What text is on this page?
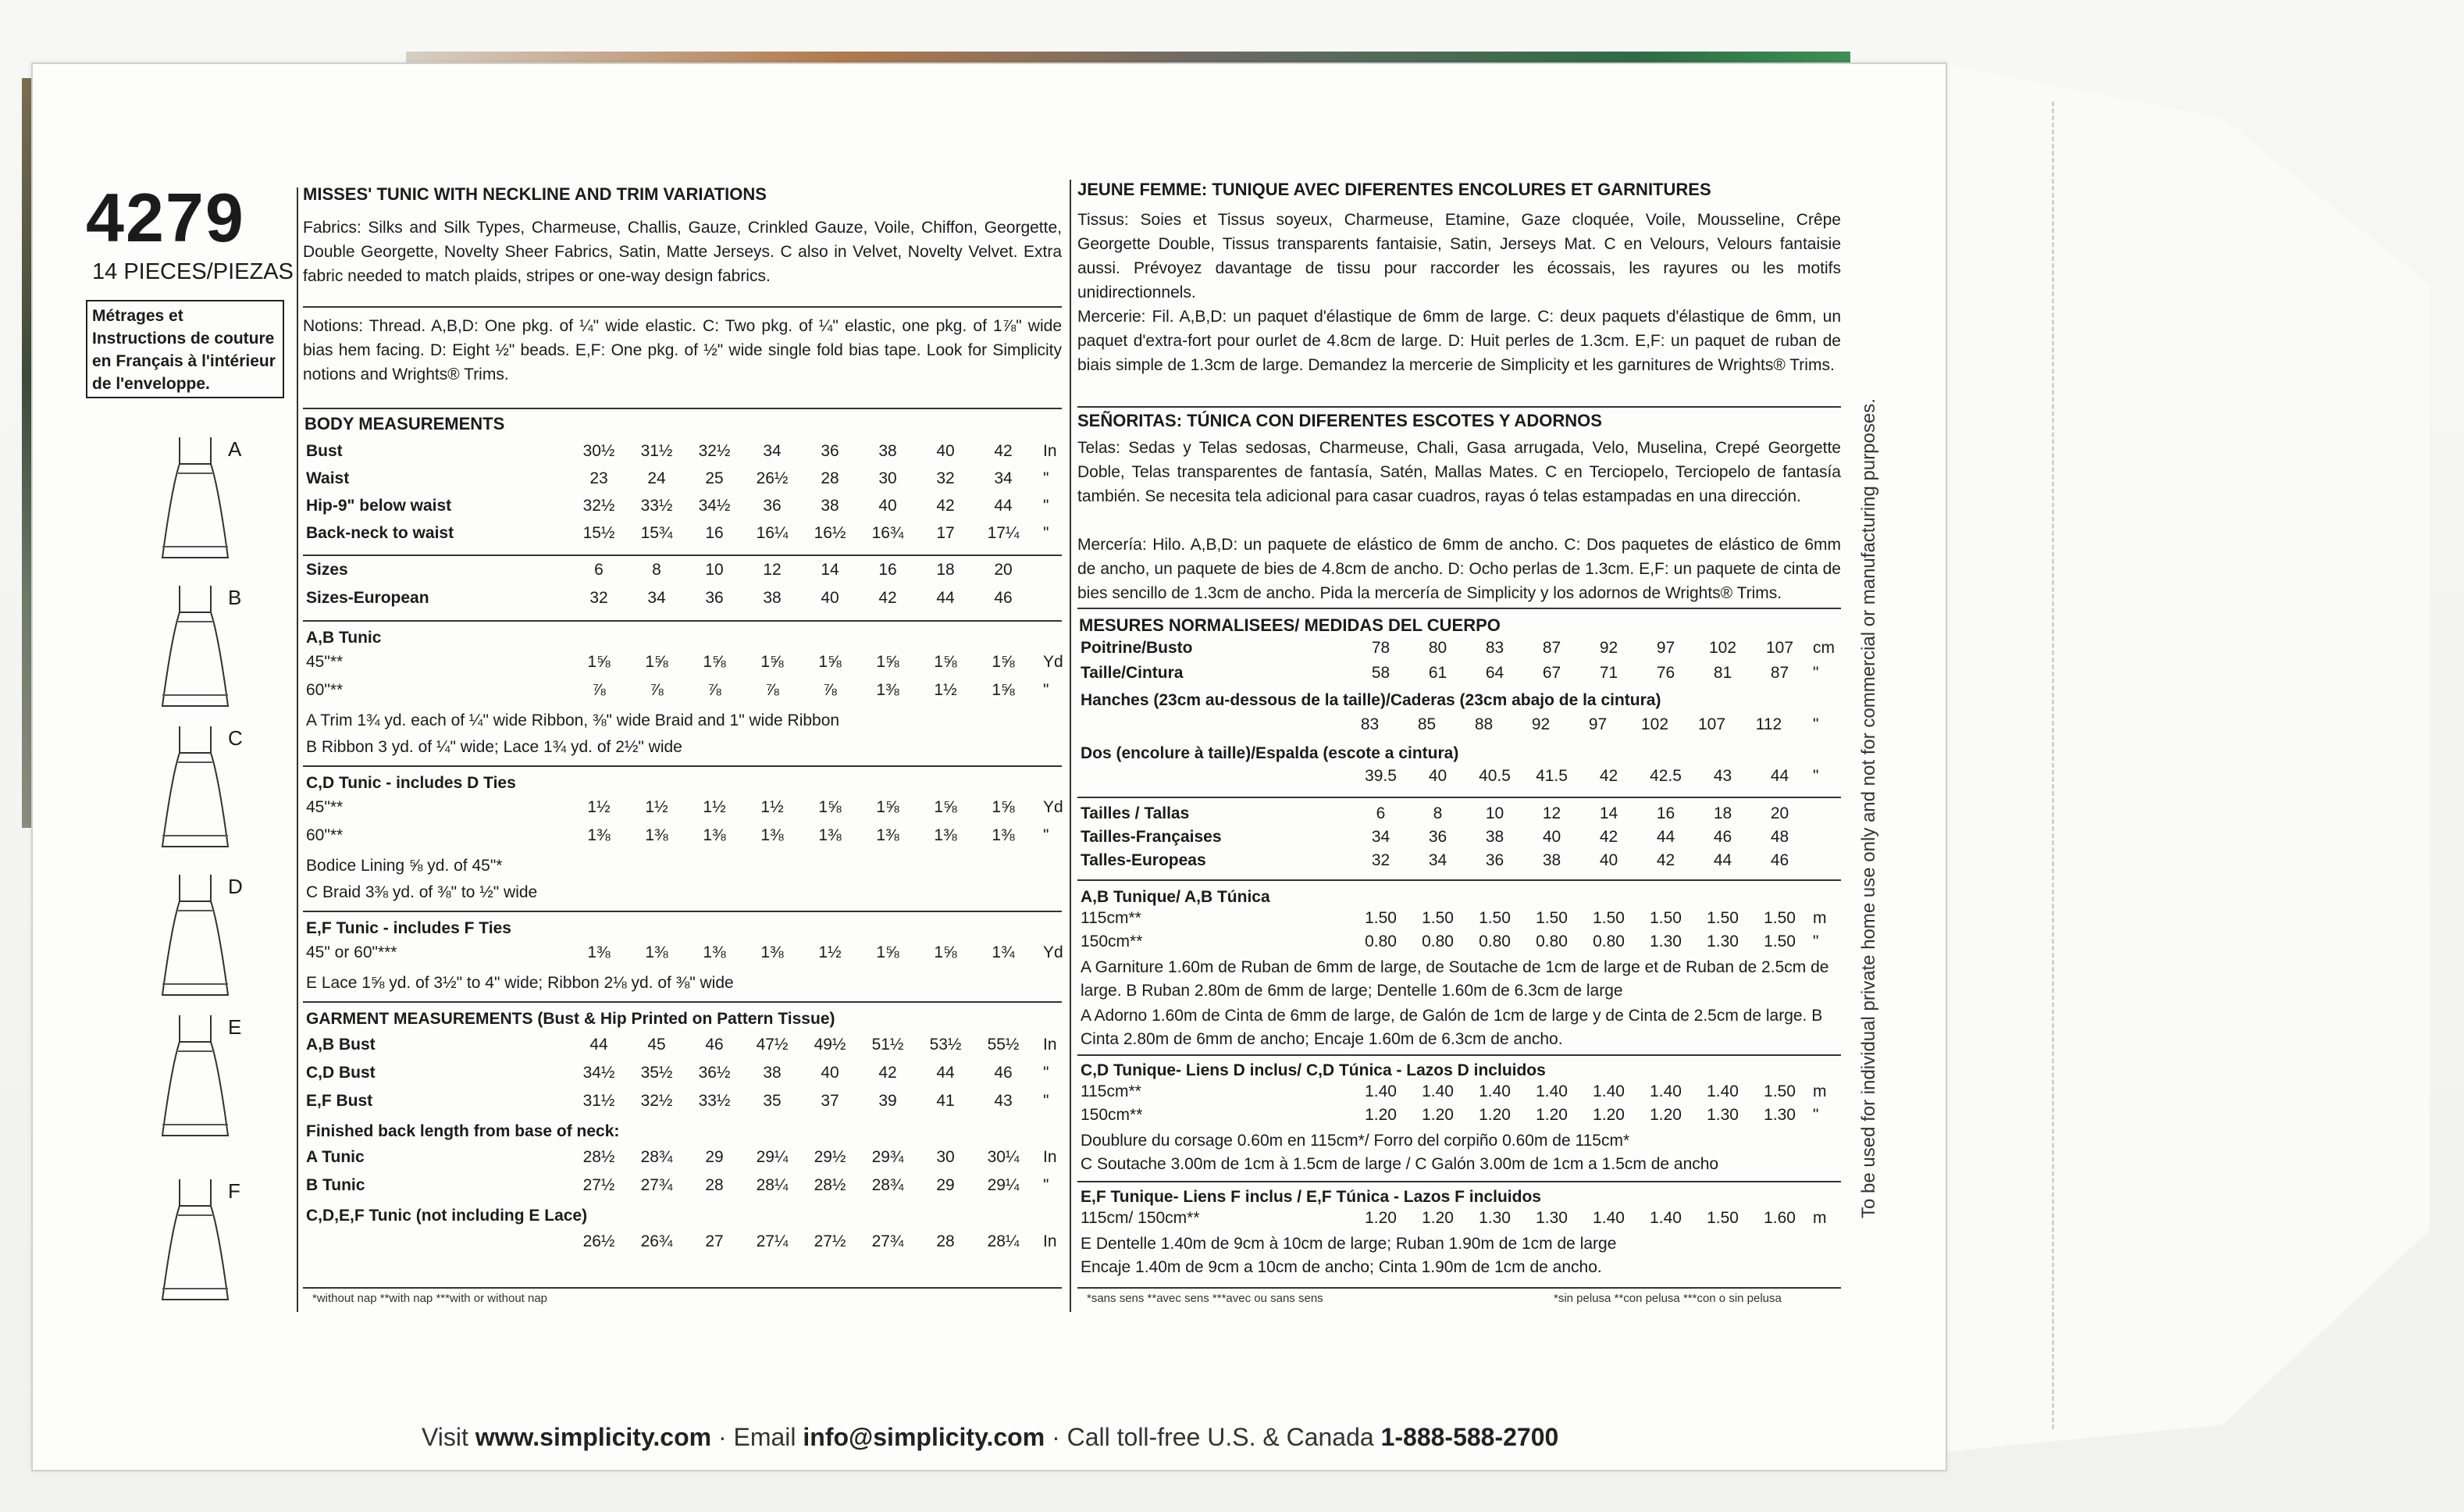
4279
14 PIECES/PIEZAS
Métrages et Instructions de couture en Français à l'intérieur de l'enveloppe.
A
B
C
D
E
F
MISSES' TUNIC WITH NECKLINE AND TRIM VARIATIONS
Fabrics: Silks and Silk Types, Charmeuse, Challis, Gauze, Crinkled Gauze, Voile, Chiffon, Georgette, Double Georgette, Novelty Sheer Fabrics, Satin, Matte Jerseys. C also in Velvet, Novelty Velvet. Extra fabric needed to match plaids, stripes or one-way design fabrics.
Notions: Thread. A,B,D: One pkg. of ¼" wide elastic. C: Two pkg. of ¼" elastic, one pkg. of 1⅞" wide bias hem facing. D: Eight ½" beads. E,F: One pkg. of ½" wide single fold bias tape. Look for Simplicity notions and Wrights® Trims.
BODY MEASUREMENTS
Bust	30½	31½	32½	34	36	38	40	42	In
Waist	23	24	25	26½	28	30	32	34	"
Hip-9" below waist	32½	33½	34½	36	38	40	42	44	"
Back-neck to waist	15½	15¾	16	16¼	16½	16¾	17	17¼	"
Sizes	6	8	10	12	14	16	18	20
Sizes-European	32	34	36	38	40	42	44	46
A,B Tunic
45"**	1⅝	1⅝	1⅝	1⅝	1⅝	1⅝	1⅝	1⅝	Yd
60"**	⅞	⅞	⅞	⅞	⅞	1⅜	1½	1⅝	"
A Trim 1¾ yd. each of ¼" wide Ribbon, ⅜" wide Braid and 1" wide Ribbon
B Ribbon 3 yd. of ¼" wide; Lace 1¾ yd. of 2½" wide
C,D Tunic - includes D Ties
45"**	1½	1½	1½	1½	1⅝	1⅝	1⅝	1⅝	Yd
60"**	1⅜	1⅜	1⅜	1⅜	1⅜	1⅜	1⅜	1⅜	"
Bodice Lining ⅝ yd. of 45"*
C Braid 3⅜ yd. of ⅜" to ½" wide
E,F Tunic - includes F Ties
45" or 60"***	1⅜	1⅜	1⅜	1⅜	1½	1⅝	1⅝	1¾	Yd
E Lace 1⅝ yd. of 3½" to 4" wide; Ribbon 2⅛ yd. of ⅜" wide
GARMENT MEASUREMENTS (Bust & Hip Printed on Pattern Tissue)
A,B Bust	44	45	46	47½	49½	51½	53½	55½	In
C,D Bust	34½	35½	36½	38	40	42	44	46	"
E,F Bust	31½	32½	33½	35	37	39	41	43	"
Finished back length from base of neck:
A Tunic	28½	28¾	29	29¼	29½	29¾	30	30¼	In
B Tunic	27½	27¾	28	28¼	28½	28¾	29	29¼	"
C,D,E,F Tunic (not including E Lace)
26½	26¾	27	27¼	27½	27¾	28	28¼	In
*without nap **with nap ***with or without nap
JEUNE FEMME: TUNIQUE AVEC DIFERENTES ENCOLURES ET GARNITURES
Tissus: Soies et Tissus soyeux, Charmeuse, Etamine, Gaze cloquée, Voile, Mousseline, Crêpe Georgette Double, Tissus transparents fantaisie, Satin, Jerseys Mat. C en Velours, Velours fantaisie aussi. Prévoyez davantage de tissu pour raccorder les écossais, les rayures ou les motifs unidirectionnels.
Mercerie: Fil. A,B,D: un paquet d'élastique de 6mm de large. C: deux paquets d'élastique de 6mm, un paquet d'extra-fort pour ourlet de 4.8cm de large. D: Huit perles de 1.3cm. E,F: un paquet de ruban de biais simple de 1.3cm de large. Demandez la mercerie de Simplicity et les garnitures de Wrights® Trims.
SEÑORITAS: TÚNICA CON DIFERENTES ESCOTES Y ADORNOS
Telas: Sedas y Telas sedosas, Charmeuse, Chali, Gasa arrugada, Velo, Muselina, Crepé Georgette Doble, Telas transparentes de fantasía, Satén, Mallas Mates. C en Terciopelo, Terciopelo de fantasía también. Se necesita tela adicional para casar cuadros, rayas ó telas estampadas en una dirección.
Mercería: Hilo. A,B,D: un paquete de elástico de 6mm de ancho. C: Dos paquetes de elástico de 6mm de ancho, un paquete de bies de 4.8cm de ancho. D: Ocho perlas de 1.3cm. E,F: un paquete de cinta de bies sencillo de 1.3cm de ancho. Pida la mercería de Simplicity y los adornos de Wrights® Trims.
MESURES NORMALISEES/ MEDIDAS DEL CUERPO
Poitrine/Busto	78	80	83	87	92	97	102	107	cm
Taille/Cintura	58	61	64	67	71	76	81	87	"
Hanches (23cm au-dessous de la taille)/Caderas (23cm abajo de la cintura)
83	85	88	92	97	102	107	112	"
Dos (encolure à taille)/Espalda (escote a cintura)
39.5	40	40.5	41.5	42	42.5	43	44	"
Tailles / Tallas	6	8	10	12	14	16	18	20
Tailles-Françaises	34	36	38	40	42	44	46	48
Talles-Europeas	32	34	36	38	40	42	44	46
A,B Tunique/ A,B Túnica
115cm**	1.50	1.50	1.50	1.50	1.50	1.50	1.50	1.50	m
150cm**	0.80	0.80	0.80	0.80	0.80	1.30	1.30	1.50	"
A Garniture 1.60m de Ruban de 6mm de large, de Soutache de 1cm de large et de Ruban de 2.5cm de large. B Ruban 2.80m de 6mm de large; Dentelle 1.60m de 6.3cm de large
A Adorno 1.60m de Cinta de 6mm de large, de Galón de 1cm de large y de Cinta de 2.5cm de large. B Cinta 2.80m de 6mm de ancho; Encaje 1.60m de 6.3cm de ancho.
C,D Tunique- Liens D inclus/ C,D Túnica - Lazos D incluidos
115cm**	1.40	1.40	1.40	1.40	1.40	1.40	1.40	1.50	m
150cm**	1.20	1.20	1.20	1.20	1.20	1.20	1.30	1.30	"
Doublure du corsage 0.60m en 115cm*/ Forro del corpiño 0.60m de 115cm*
C Soutache 3.00m de 1cm à 1.5cm de large / C Galón 3.00m de 1cm a 1.5cm de ancho
E,F Tunique- Liens F inclus / E,F Túnica - Lazos F incluidos
115cm/ 150cm**	1.20	1.20	1.30	1.30	1.40	1.40	1.50	1.60	m
E Dentelle 1.40m de 9cm à 10cm de large; Ruban 1.90m de 1cm de large
Encaje 1.40m de 9cm a 10cm de ancho; Cinta 1.90m de 1cm de ancho.
*sans sens **avec sens ***avec ou sans sens	*sin pelusa **con pelusa ***con o sin pelusa
To be used for individual private home use only and not for commercial or manufacturing purposes.
Visit www.simplicity.com · Email info@simplicity.com · Call toll-free U.S. & Canada 1-888-588-2700
